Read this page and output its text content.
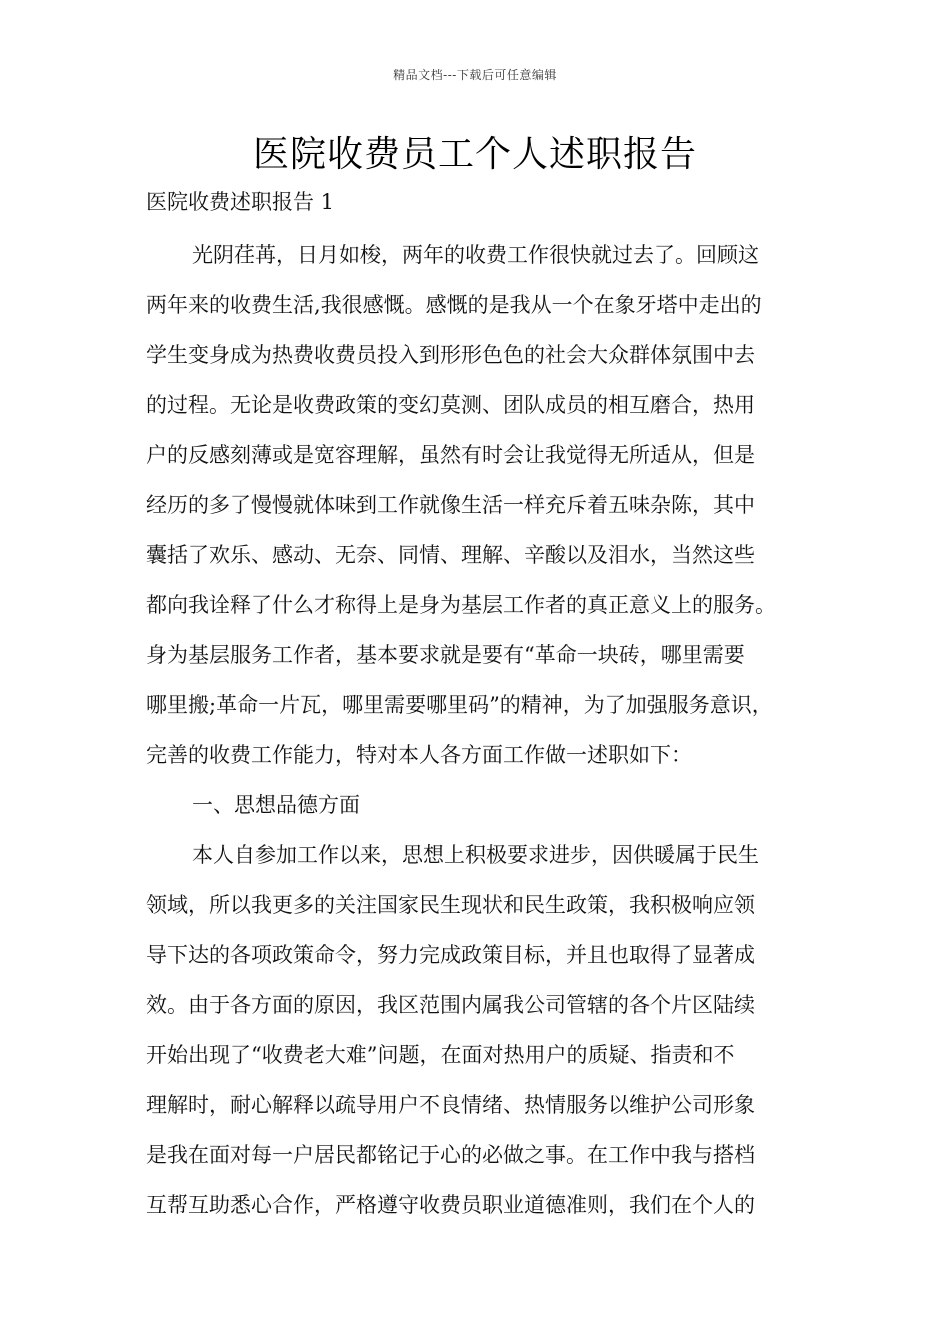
精品文档---下载后可任意编辑
医院收费员工个人述职报告
医院收费述职报告 1
光阴荏苒，日月如梭，两年的收费工作很快就过去了。回顾这
两年来的收费生活,我很感慨。感慨的是我从一个在象牙塔中走出的
学生变身成为热费收费员投入到形形色色的社会大众群体氛围中去
的过程。无论是收费政策的变幻莫测、团队成员的相互磨合，热用
户的反感刻薄或是宽容理解，虽然有时会让我觉得无所适从，但是
经历的多了慢慢就体味到工作就像生活一样充斥着五味杂陈，其中
囊括了欢乐、感动、无奈、同情、理解、辛酸以及泪水，当然这些
都向我诠释了什么才称得上是身为基层工作者的真正意义上的服务。
身为基层服务工作者，基本要求就是要有“革命一块砖，哪里需要
哪里搬;革命一片瓦，哪里需要哪里码”的精神，为了加强服务意识，
完善的收费工作能力，特对本人各方面工作做一述职如下：
一、思想品德方面
本人自参加工作以来，思想上积极要求进步，因供暖属于民生
领域，所以我更多的关注国家民生现状和民生政策，我积极响应领
导下达的各项政策命令，努力完成政策目标，并且也取得了显著成
效。由于各方面的原因，我区范围内属我公司管辖的各个片区陆续
开始出现了“收费老大难”问题，在面对热用户的质疑、指责和不
理解时，耐心解释以疏导用户不良情绪、热情服务以维护公司形象
是我在面对每一户居民都铭记于心的必做之事。在工作中我与搭档
互帮互助悉心合作，严格遵守收费员职业道德准则，我们在个人的
